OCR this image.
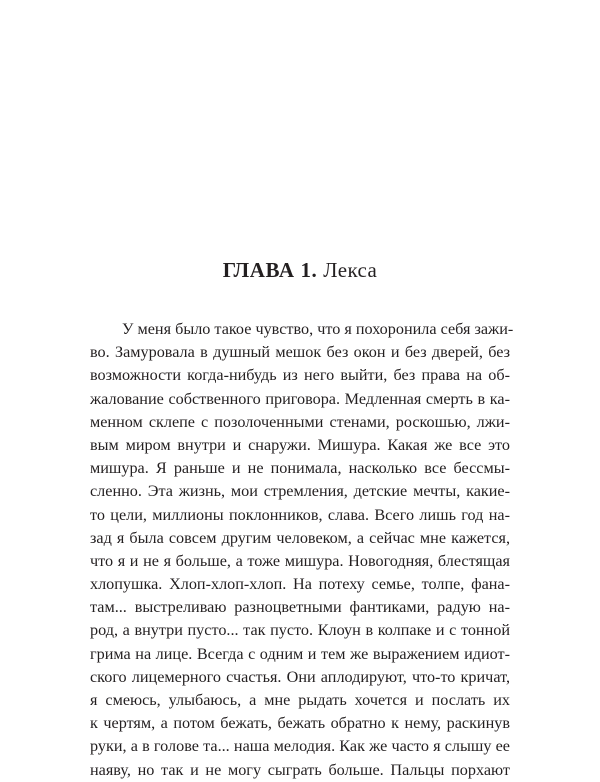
ГЛАВА 1. Лекса
У меня было такое чувство, что я похоронила себя зажи-
во. Замуровала в душный мешок без окон и без дверей, без
возможности когда-нибудь из него выйти, без права на об-
жалование собственного приговора. Медленная смерть в ка-
менном склепе с позолоченными стенами, роскошью, лжи-
вым миром внутри и снаружи. Мишура. Какая же все это
мишура. Я раньше и не понимала, насколько все бессмы-
сленно. Эта жизнь, мои стремления, детские мечты, какие-
то цели, миллионы поклонников, слава. Всего лишь год на-
зад я была совсем другим человеком, а сейчас мне кажется,
что я и не я больше, а тоже мишура. Новогодняя, блестящая
хлопушка. Хлоп-хлоп-хлоп. На потеху семье, толпе, фана-
там... выстреливаю разноцветными фантиками, радую на-
род, а внутри пусто... так пусто. Клоун в колпаке и с тонной
грима на лице. Всегда с одним и тем же выражением идиот-
ского лицемерного счастья. Они аплодируют, что-то кричат,
я смеюсь, улыбаюсь, а мне рыдать хочется и послать их
к чертям, а потом бежать, бежать обратно к нему, раскинув
руки, а в голове та... наша мелодия. Как же часто я слышу ее
наяву, но так и не могу сыграть больше. Пальцы порхают
